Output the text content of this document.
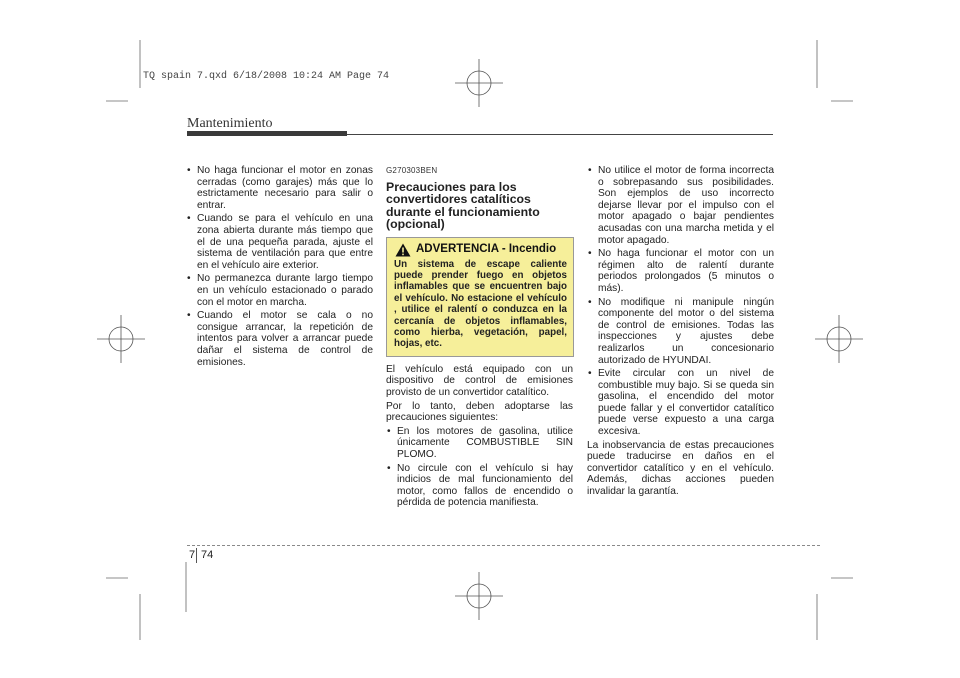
TQ spain 7.qxd 6/18/2008 10:24 AM Page 74
Mantenimiento
• No haga funcionar el motor en zonas cerradas (como garajes) más que lo estrictamente necesario para salir o entrar.
• Cuando se para el vehículo en una zona abierta durante más tiempo que el de una pequeña parada, ajuste el sistema de ventilación para que entre en el vehículo aire exterior.
• No permanezca durante largo tiempo en un vehículo estacionado o parado con el motor en marcha.
• Cuando el motor se cala o no consigue arrancar, la repetición de intentos para volver a arrancar puede dañar el sistema de control de emisiones.
G270303BEN
Precauciones para los convertidores catalíticos durante el funcionamiento (opcional)
ADVERTENCIA - Incendio
Un sistema de escape caliente puede prender fuego en objetos inflamables que se encuentren bajo el vehículo. No estacione el vehículo , utilice el ralentí o conduzca en la cercanía de objetos inflamables, como hierba, vegetación, papel, hojas, etc.

El vehículo está equipado con un dispositivo de control de emisiones provisto de un convertidor catalítico.

Por lo tanto, deben adoptarse las precauciones siguientes:

• En los motores de gasolina, utilice únicamente COMBUSTIBLE SIN PLOMO.
• No circule con el vehículo si hay indicios de mal funcionamiento del motor, como fallos de encendido o pérdida de potencia manifiesta.
• No utilice el motor de forma incorrecta o sobrepasando sus posibilidades. Son ejemplos de uso incorrecto dejarse llevar por el impulso con el motor apagado o bajar pendientes acusadas con una marcha metida y el motor apagado.
• No haga funcionar el motor con un régimen alto de ralentí durante periodos prolongados (5 minutos o más).
• No modifique ni manipule ningún componente del motor o del sistema de control de emisiones. Todas las inspecciones y ajustes debe realizarlos un concesionario autorizado de HYUNDAI.
• Evite circular con un nivel de combustible muy bajo. Si se queda sin gasolina, el encendido del motor puede fallar y el convertidor catalítico puede verse expuesto a una carga excesiva.

La inobservancia de estas precauciones puede traducirse en daños en el convertidor catalítico y en el vehículo. Además, dichas acciones pueden invalidar la garantía.

7 74
